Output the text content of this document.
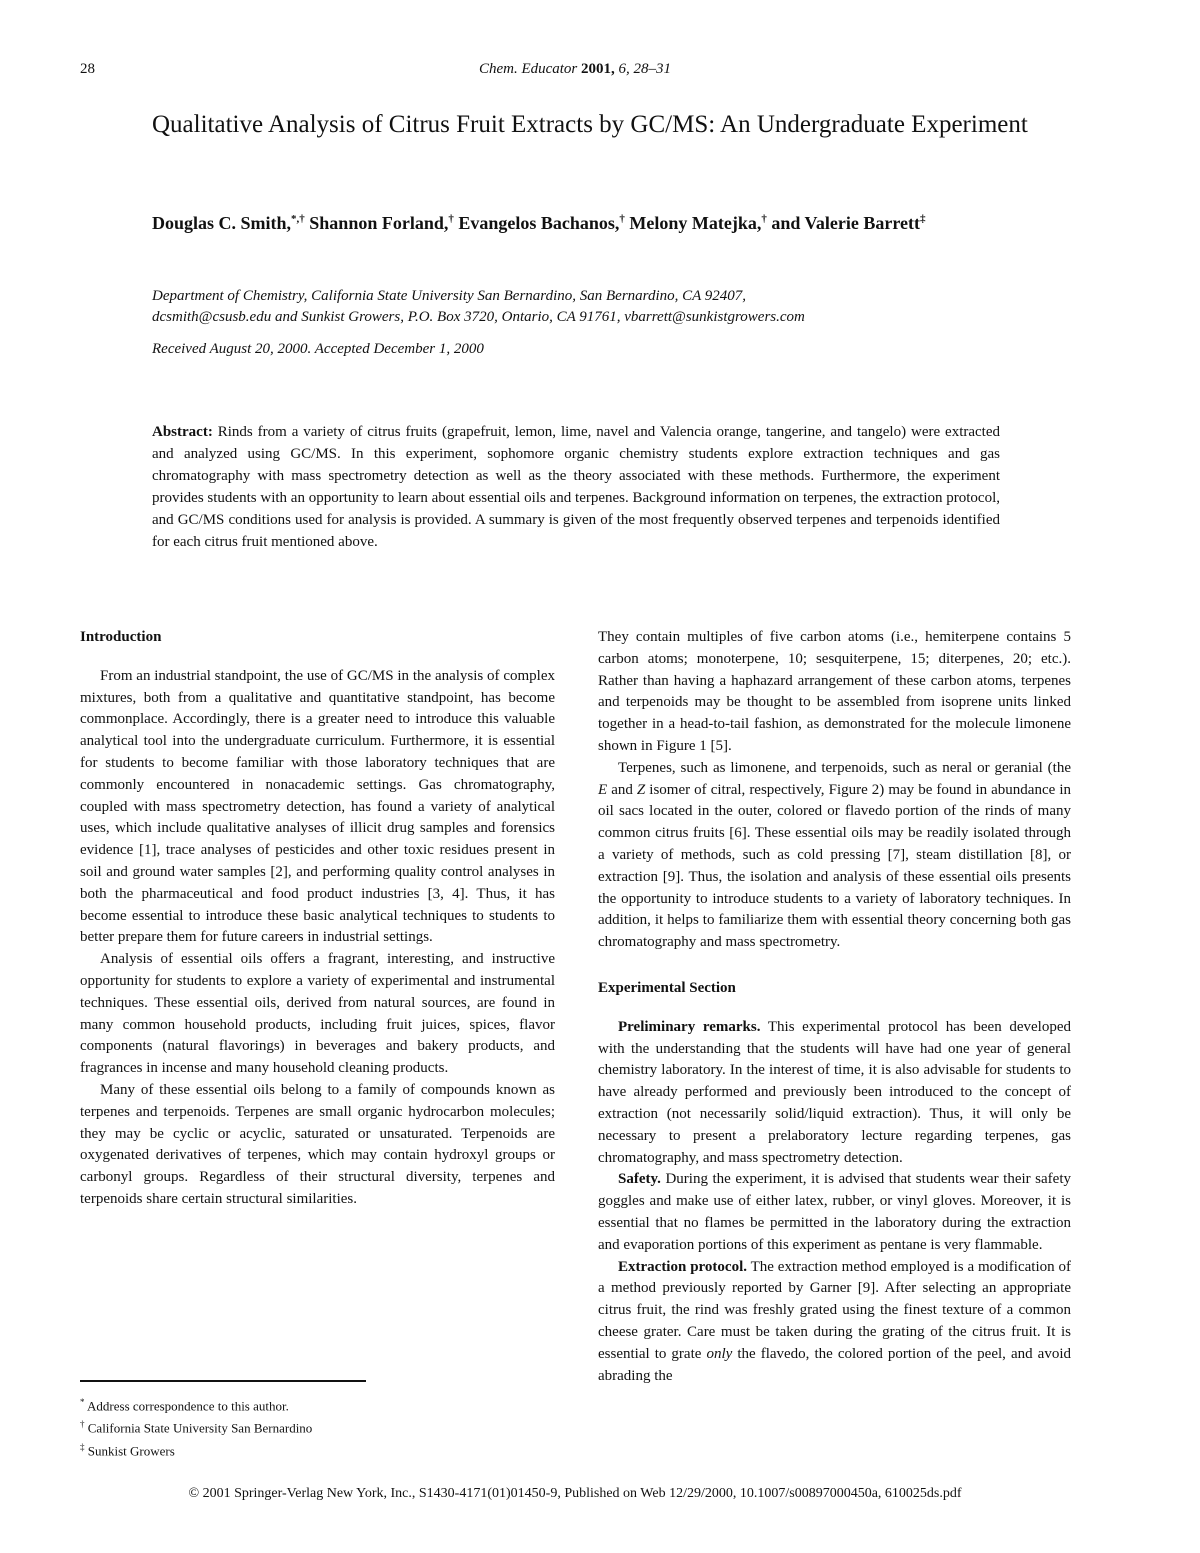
28	Chem. Educator 2001, 6, 28–31
Qualitative Analysis of Citrus Fruit Extracts by GC/MS: An Undergraduate Experiment
Douglas C. Smith,*,† Shannon Forland,† Evangelos Bachanos,† Melony Matejka,† and Valerie Barrett‡
Department of Chemistry, California State University San Bernardino, San Bernardino, CA 92407,
dcsmith@csusb.edu and Sunkist Growers, P.O. Box 3720, Ontario, CA 91761, vbarrett@sunkistgrowers.com
Received August 20, 2000. Accepted December 1, 2000
Abstract: Rinds from a variety of citrus fruits (grapefruit, lemon, lime, navel and Valencia orange, tangerine, and tangelo) were extracted and analyzed using GC/MS. In this experiment, sophomore organic chemistry students explore extraction techniques and gas chromatography with mass spectrometry detection as well as the theory associated with these methods. Furthermore, the experiment provides students with an opportunity to learn about essential oils and terpenes. Background information on terpenes, the extraction protocol, and GC/MS conditions used for analysis is provided. A summary is given of the most frequently observed terpenes and terpenoids identified for each citrus fruit mentioned above.
Introduction

From an industrial standpoint, the use of GC/MS in the analysis of complex mixtures, both from a qualitative and quantitative standpoint, has become commonplace. Accordingly, there is a greater need to introduce this valuable analytical tool into the undergraduate curriculum. Furthermore, it is essential for students to become familiar with those laboratory techniques that are commonly encountered in nonacademic settings. Gas chromatography, coupled with mass spectrometry detection, has found a variety of analytical uses, which include qualitative analyses of illicit drug samples and forensics evidence [1], trace analyses of pesticides and other toxic residues present in soil and ground water samples [2], and performing quality control analyses in both the pharmaceutical and food product industries [3, 4]. Thus, it has become essential to introduce these basic analytical techniques to students to better prepare them for future careers in industrial settings.

Analysis of essential oils offers a fragrant, interesting, and instructive opportunity for students to explore a variety of experimental and instrumental techniques. These essential oils, derived from natural sources, are found in many common household products, including fruit juices, spices, flavor components (natural flavorings) in beverages and bakery products, and fragrances in incense and many household cleaning products.

Many of these essential oils belong to a family of compounds known as terpenes and terpenoids. Terpenes are small organic hydrocarbon molecules; they may be cyclic or acyclic, saturated or unsaturated. Terpenoids are oxygenated derivatives of terpenes, which may contain hydroxyl groups or carbonyl groups. Regardless of their structural diversity, terpenes and terpenoids share certain structural similarities.

* Address correspondence to this author.
† California State University San Bernardino
‡ Sunkist Growers

They contain multiples of five carbon atoms (i.e., hemiterpene contains 5 carbon atoms; monoterpene, 10; sesquiterpene, 15; diterpenes, 20; etc.). Rather than having a haphazard arrangement of these carbon atoms, terpenes and terpenoids may be thought to be assembled from isoprene units linked together in a head-to-tail fashion, as demonstrated for the molecule limonene shown in Figure 1 [5].

Terpenes, such as limonene, and terpenoids, such as neral or geranial (the E and Z isomer of citral, respectively, Figure 2) may be found in abundance in oil sacs located in the outer, colored or flavedo portion of the rinds of many common citrus fruits [6]. These essential oils may be readily isolated through a variety of methods, such as cold pressing [7], steam distillation [8], or extraction [9]. Thus, the isolation and analysis of these essential oils presents the opportunity to introduce students to a variety of laboratory techniques. In addition, it helps to familiarize them with essential theory concerning both gas chromatography and mass spectrometry.

Experimental Section

Preliminary remarks. This experimental protocol has been developed with the understanding that the students will have had one year of general chemistry laboratory. In the interest of time, it is also advisable for students to have already performed and previously been introduced to the concept of extraction (not necessarily solid/liquid extraction). Thus, it will only be necessary to present a prelaboratory lecture regarding terpenes, gas chromatography, and mass spectrometry detection.

Safety. During the experiment, it is advised that students wear their safety goggles and make use of either latex, rubber, or vinyl gloves. Moreover, it is essential that no flames be permitted in the laboratory during the extraction and evaporation portions of this experiment as pentane is very flammable.

Extraction protocol. The extraction method employed is a modification of a method previously reported by Garner [9]. After selecting an appropriate citrus fruit, the rind was freshly grated using the finest texture of a common cheese grater. Care must be taken during the grating of the citrus fruit. It is essential to grate only the flavedo, the colored portion of the peel, and avoid abrading the

© 2001 Springer-Verlag New York, Inc., S1430-4171(01)01450-9, Published on Web 12/29/2000, 10.1007/s00897000450a, 610025ds.pdf
